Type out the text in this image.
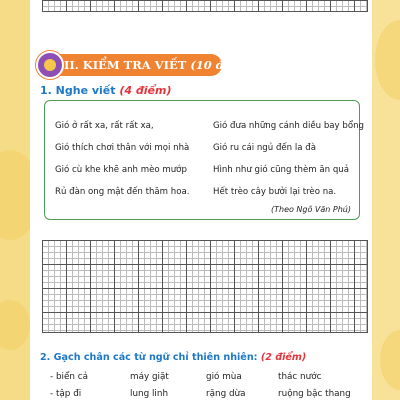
II. KIỂM TRA VIẾT (10 điểm)
1. Nghe viết (4 điểm)
Gió ở rất xa, rất rất xa,
Gió thích chơi thân với mọi nhà
Gió cù khe khẽ anh mèo mướp
Rủ đàn ong mật đến thăm hoa.
Gió đưa những cánh diều bay bổng
Gió ru cái ngủ đến la đà
Hình như gió cũng thèm ăn quả
Hết trèo cây bưởi lại trèo na.
(Theo Ngô Văn Phú)
2. Gạch chân các từ ngữ chỉ thiên nhiên: (2 điểm)
- biển cả	máy giặt	gió mùa	thác nước
- tập đi	lung linh	rặng dừa	ruộng bậc thang
